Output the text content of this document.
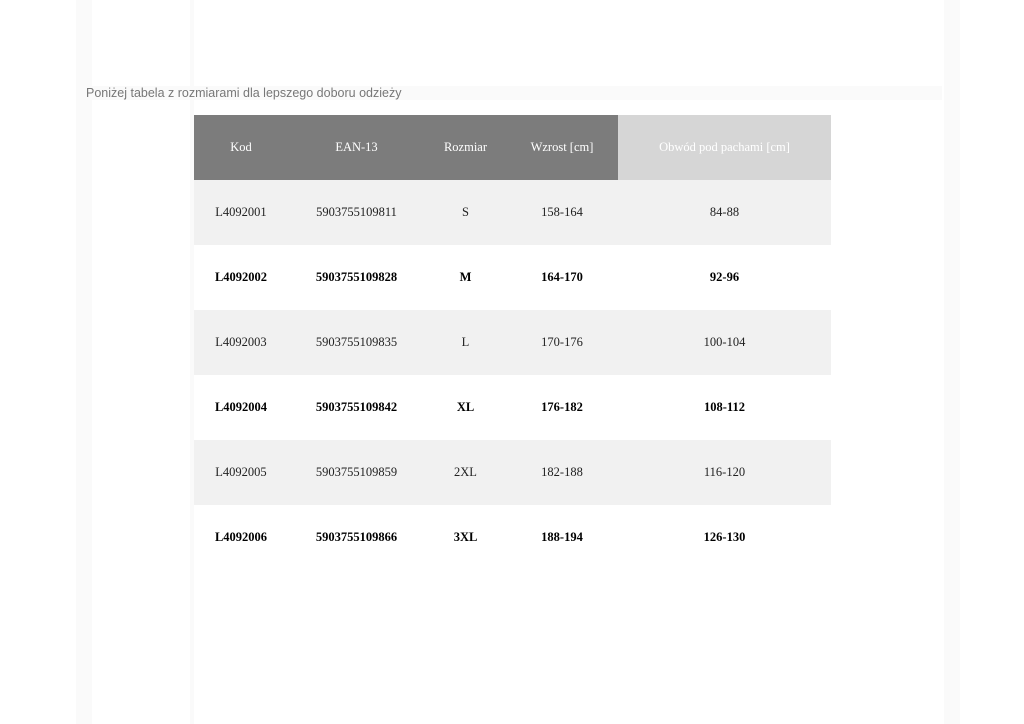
Poniżej tabela z rozmiarami dla lepszego doboru odzieży
Kod	EAN-13	Rozmiar	Wzrost [cm]	Obwód pod pachami [cm]
L4092001	5903755109811	S	158-164	84-88
L4092002	5903755109828	M	164-170	92-96
L4092003	5903755109835	L	170-176	100-104
L4092004	5903755109842	XL	176-182	108-112
L4092005	5903755109859	2XL	182-188	116-120
L4092006	5903755109866	3XL	188-194	126-130
